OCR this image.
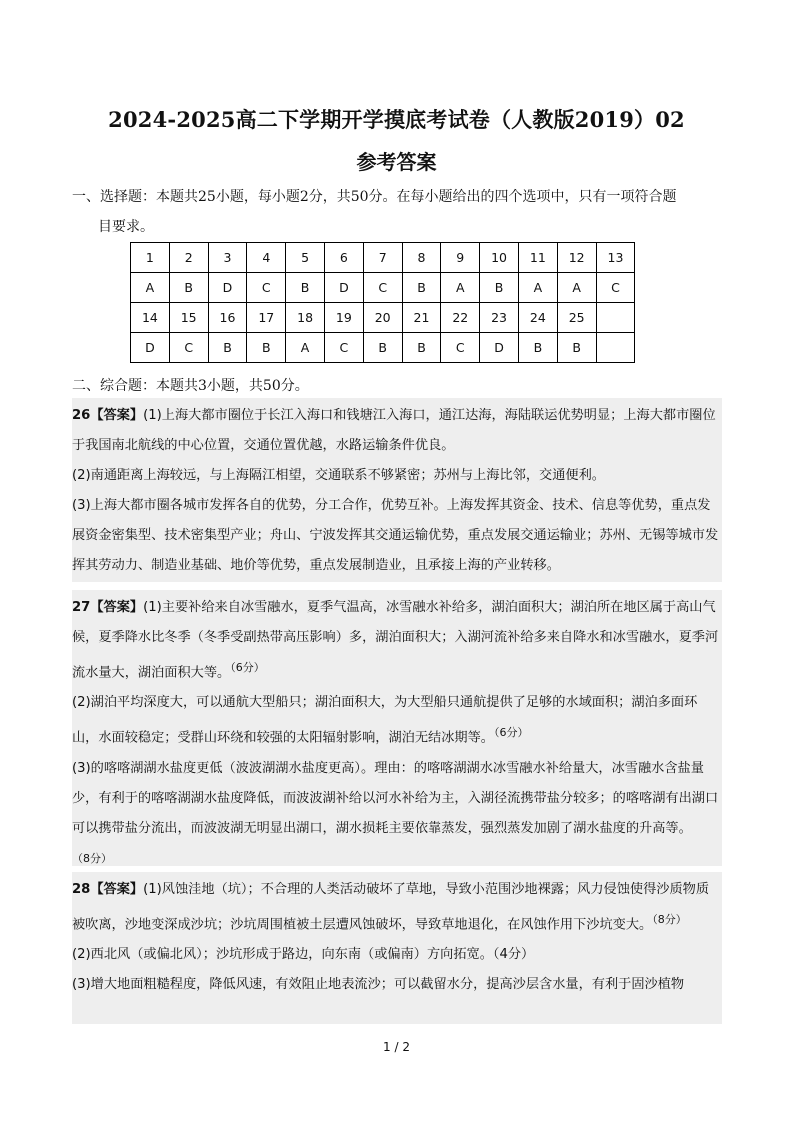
2024-2025高二下学期开学摸底考试卷（人教版2019）02
参考答案
一、选择题：本题共25小题，每小题2分，共50分。在每小题给出的四个选项中，只有一项符合题

目要求。
1	2	3	4	5	6	7	8	9	10	11	12	13
A	B	D	C	B	D	C	B	A	B	A	A	C
14	15	16	17	18	19	20	21	22	23	24	25	
D	C	B	B	A	C	B	B	C	D	B	B	
二、综合题：本题共3小题，共50分。

26【答案】(1)上海大都市圈位于长江入海口和钱塘江入海口，通江达海，海陆联运优势明显；上海大都市圈位于我国南北航线的中心位置，交通位置优越，水路运输条件优良。

(2)南通距离上海较远，与上海隔江相望，交通联系不够紧密；苏州与上海比邻，交通便利。

(3)上海大都市圈各城市发挥各自的优势，分工合作，优势互补。上海发挥其资金、技术、信息等优势，重点发展资金密集型、技术密集型产业；舟山、宁波发挥其交通运输优势，重点发展交通运输业；苏州、无锡等城市发挥其劳动力、制造业基础、地价等优势，重点发展制造业，且承接上海的产业转移。

27【答案】(1)主要补给来自冰雪融水，夏季气温高，冰雪融水补给多，湖泊面积大；湖泊所在地区属于高山气候，夏季降水比冬季（冬季受副热带高压影响）多，湖泊面积大；入湖河流补给多来自降水和冰雪融水，夏季河流水量大，湖泊面积大等。$^{(6分)}$

(2)湖泊平均深度大，可以通航大型船只；湖泊面积大，为大型船只通航提供了足够的水域面积；湖泊多面环山，水面较稳定；受群山环绕和较强的太阳辐射影响，湖泊无结冰期等。$^{(6分)}$

(3)的喀喀湖湖水盐度更低（波波湖湖水盐度更高）。理由：的喀喀湖湖水冰雪融水补给量大，冰雪融水含盐量少，有利于的喀喀湖湖水盐度降低，而波波湖补给以河水补给为主，入湖径流携带盐分较多；的喀喀湖有出湖口可以携带盐分流出，而波波湖无明显出湖口，湖水损耗主要依靠蒸发，强烈蒸发加剧了湖水盐度的升高等。$^{(8分)}$

28【答案】(1)风蚀洼地（坑）；不合理的人类活动破坏了草地，导致小范围沙地裸露；风力侵蚀使得沙质物质被吹离，沙地变深成沙坑；沙坑周围植被土层遭风蚀破坏，导致草地退化，在风蚀作用下沙坑变大。$^{(8分)}$

(2)西北风（或偏北风）；沙坑形成于路边，向东南（或偏南）方向拓宽。（4分）

(3)增大地面粗糙程度，降低风速，有效阻止地表流沙；可以截留水分，提高沙层含水量，有利于固沙植物

1 / 2
